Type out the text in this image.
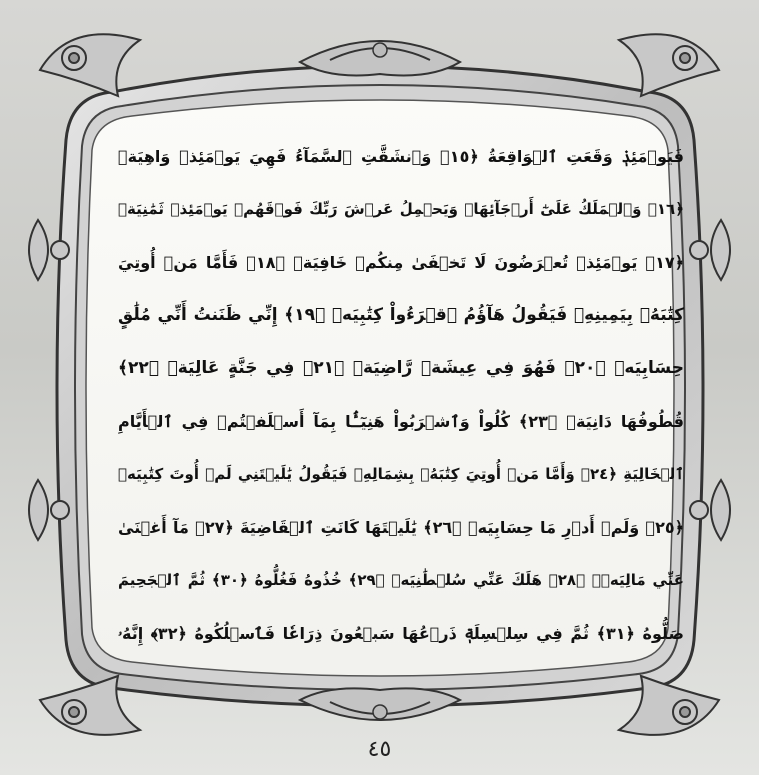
فَيَوۡمَئِذٖ وَقَعَتِ ٱلۡوَاقِعَةُ ﴿١٥﴾ وَٱنشَقَّتِ ٱلسَّمَآءُ فَهِيَ يَوۡمَئِذٖ وَاهِيَةٞ
﴿١٦﴾ وَٱلۡمَلَكُ عَلَىٰٓ أَرۡجَآئِهَاۚ وَيَحۡمِلُ عَرۡشَ رَبِّكَ فَوۡقَهُمۡ يَوۡمَئِذٖ ثَمَٰنِيَةٞ
﴿١٧﴾ يَوۡمَئِذٖ تُعۡرَضُونَ لَا تَخۡفَىٰ مِنكُمۡ خَافِيَةٞ ﴿١٨﴾ فَأَمَّا مَنۡ أُوتِيَ
كِتَٰبَهُۥ بِيَمِينِهِۦ فَيَقُولُ هَآؤُمُ ٱقۡرَءُواْ كِتَٰبِيَهۡ ﴿١٩﴾ إِنِّي ظَنَنتُ أَنِّي مُلَٰقٍ
حِسَابِيَهۡ ﴿٢٠﴾ فَهُوَ فِي عِيشَةٖ رَّاضِيَةٖ ﴿٢١﴾ فِي جَنَّةٍ عَالِيَةٖ ﴿٢٢﴾
قُطُوفُهَا دَانِيَةٞ ﴿٢٣﴾ كُلُواْ وَٱشۡرَبُواْ هَنِيٓـَٔۢا بِمَآ أَسۡلَفۡتُمۡ فِي ٱلۡأَيَّامِ
ٱلۡخَالِيَةِ ﴿٢٤﴾ وَأَمَّا مَنۡ أُوتِيَ كِتَٰبَهُۥ بِشِمَالِهِۦ فَيَقُولُ يَٰلَيۡتَنِي لَمۡ أُوتَ كِتَٰبِيَهۡ
﴿٢٥﴾ وَلَمۡ أَدۡرِ مَا حِسَابِيَهۡ ﴿٢٦﴾ يَٰلَيۡتَهَا كَانَتِ ٱلۡقَاضِيَةَ ﴿٢٧﴾ مَآ أَغۡنَىٰ
عَنِّي مَالِيَهۡۜ ﴿٢٨﴾ هَلَكَ عَنِّي سُلۡطَٰنِيَهۡ ﴿٢٩﴾ خُذُوهُ فَغُلُّوهُ ﴿٣٠﴾ ثُمَّ ٱلۡجَحِيمَ
صَلُّوهُ ﴿٣١﴾ ثُمَّ فِي سِلۡسِلَةٖ ذَرۡعُهَا سَبۡعُونَ ذِرَاعٗا فَٱسۡلُكُوهُ ﴿٣٢﴾ إِنَّهُۥ
٤٥
